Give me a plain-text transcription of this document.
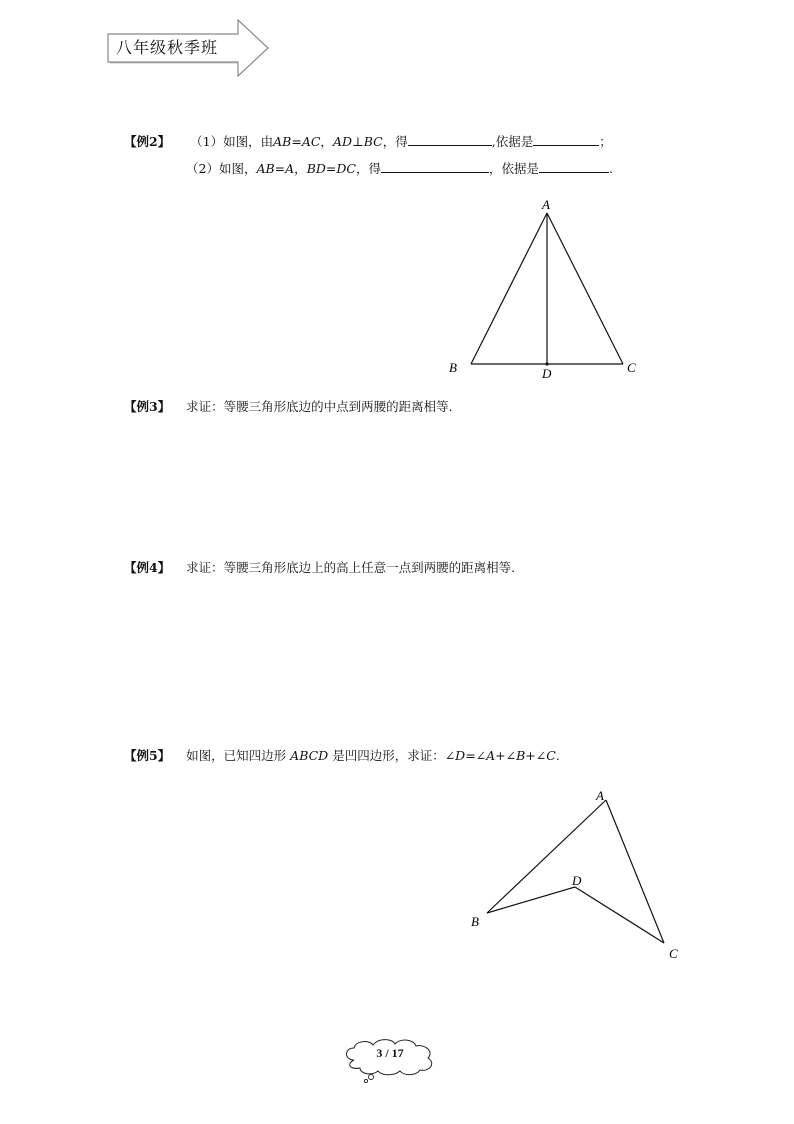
八年级秋季班
【例2】 （1）如图，由AB=AC，AD⊥BC，得	,依据是	；
（2）如图，AB=A，BD=DC，得	，依据是	.
A
B	C
D
【例3】 求证：等腰三角形底边的中点到两腰的距离相等.
【例4】 求证：等腰三角形底边上的高上任意一点到两腰的距离相等.
【例5】 如图，已知四边形 ABCD 是凹四边形，求证：∠D=∠A+∠B+∠C.
A
B
C
D
3 / 17
